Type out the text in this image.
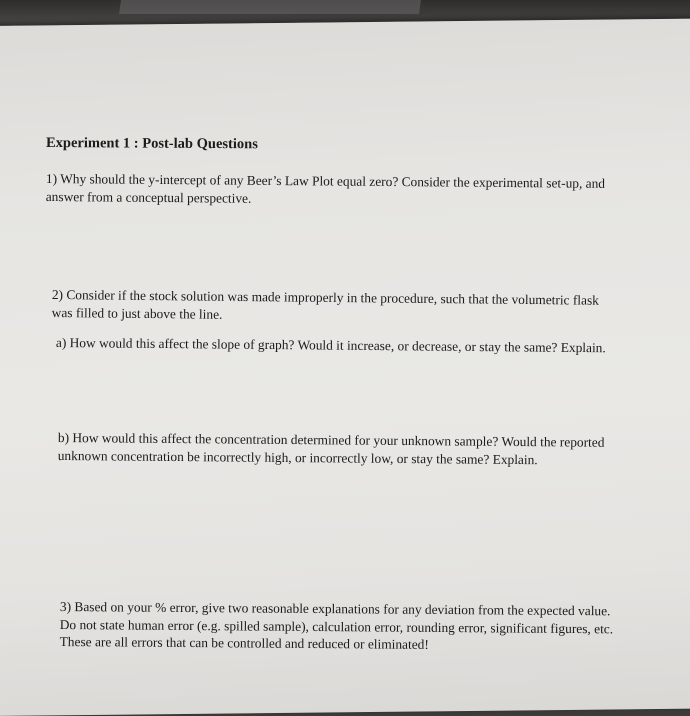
Experiment 1 : Post-lab Questions
1) Why should the y-intercept of any Beer’s Law Plot equal zero? Consider the experimental set-up, and
answer from a conceptual perspective.
2) Consider if the stock solution was made improperly in the procedure, such that the volumetric flask
was filled to just above the line.
a) How would this affect the slope of graph? Would it increase, or decrease, or stay the same? Explain.
b) How would this affect the concentration determined for your unknown sample? Would the reported
unknown concentration be incorrectly high, or incorrectly low, or stay the same? Explain.
3) Based on your % error, give two reasonable explanations for any deviation from the expected value.
Do not state human error (e.g. spilled sample), calculation error, rounding error, significant figures, etc.
These are all errors that can be controlled and reduced or eliminated!
